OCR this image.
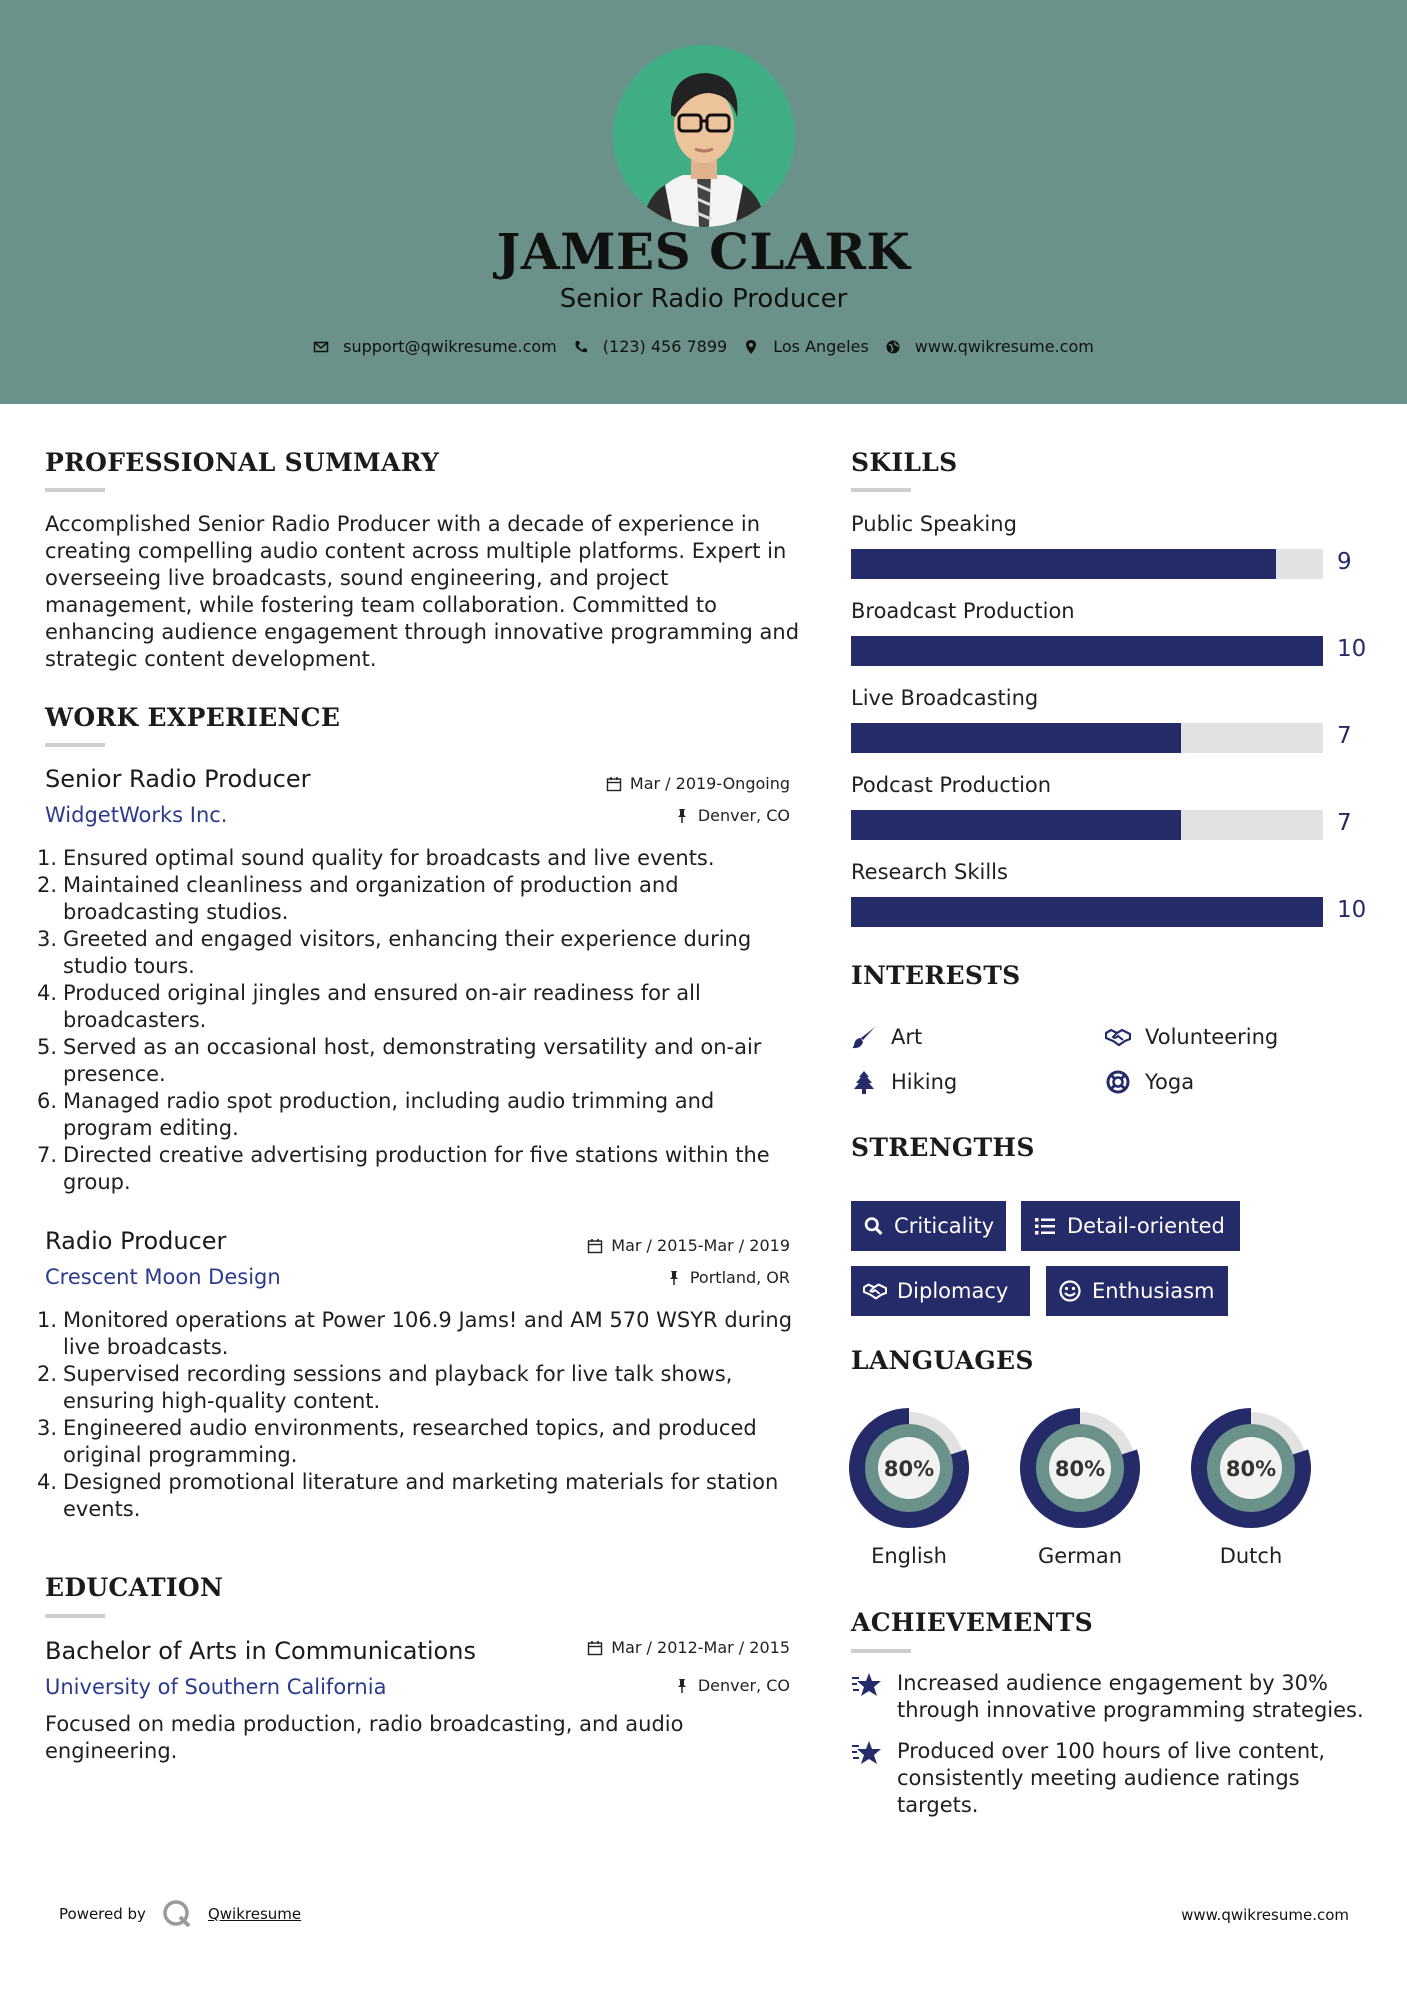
JAMES CLARK
Senior Radio Producer
support@qwikresume.com	(123) 456 7899	Los Angeles	www.qwikresume.com
PROFESSIONAL SUMMARY
Accomplished Senior Radio Producer with a decade of experience in creating compelling audio content across multiple platforms. Expert in overseeing live broadcasts, sound engineering, and project management, while fostering team collaboration. Committed to enhancing audience engagement through innovative programming and strategic content development.
WORK EXPERIENCE
Senior Radio Producer	Mar / 2019-Ongoing
WidgetWorks Inc.	Denver, CO
Ensured optimal sound quality for broadcasts and live events.
Maintained cleanliness and organization of production and broadcasting studios.
Greeted and engaged visitors, enhancing their experience during studio tours.
Produced original jingles and ensured on-air readiness for all broadcasters.
Served as an occasional host, demonstrating versatility and on-air presence.
Managed radio spot production, including audio trimming and program editing.
Directed creative advertising production for five stations within the group.
Radio Producer	Mar / 2015-Mar / 2019
Crescent Moon Design	Portland, OR
Monitored operations at Power 106.9 Jams! and AM 570 WSYR during live broadcasts.
Supervised recording sessions and playback for live talk shows, ensuring high-quality content.
Engineered audio environments, researched topics, and produced original programming.
Designed promotional literature and marketing materials for station events.
EDUCATION
Bachelor of Arts in Communications	Mar / 2012-Mar / 2015
University of Southern California	Denver, CO
Focused on media production, radio broadcasting, and audio engineering.
SKILLS
Public Speaking
9
Broadcast Production
10
Live Broadcasting
7
Podcast Production
7
Research Skills
10
INTERESTS
Art	Volunteering
Hiking	Yoga
STRENGTHS
Criticality	Detail-oriented
Diplomacy	Enthusiasm
LANGUAGES
80%
English
80%
German
80%
Dutch
ACHIEVEMENTS
Increased audience engagement by 30% through innovative programming strategies.
Produced over 100 hours of live content, consistently meeting audience ratings targets.
Powered by	Qwikresume	www.qwikresume.com
